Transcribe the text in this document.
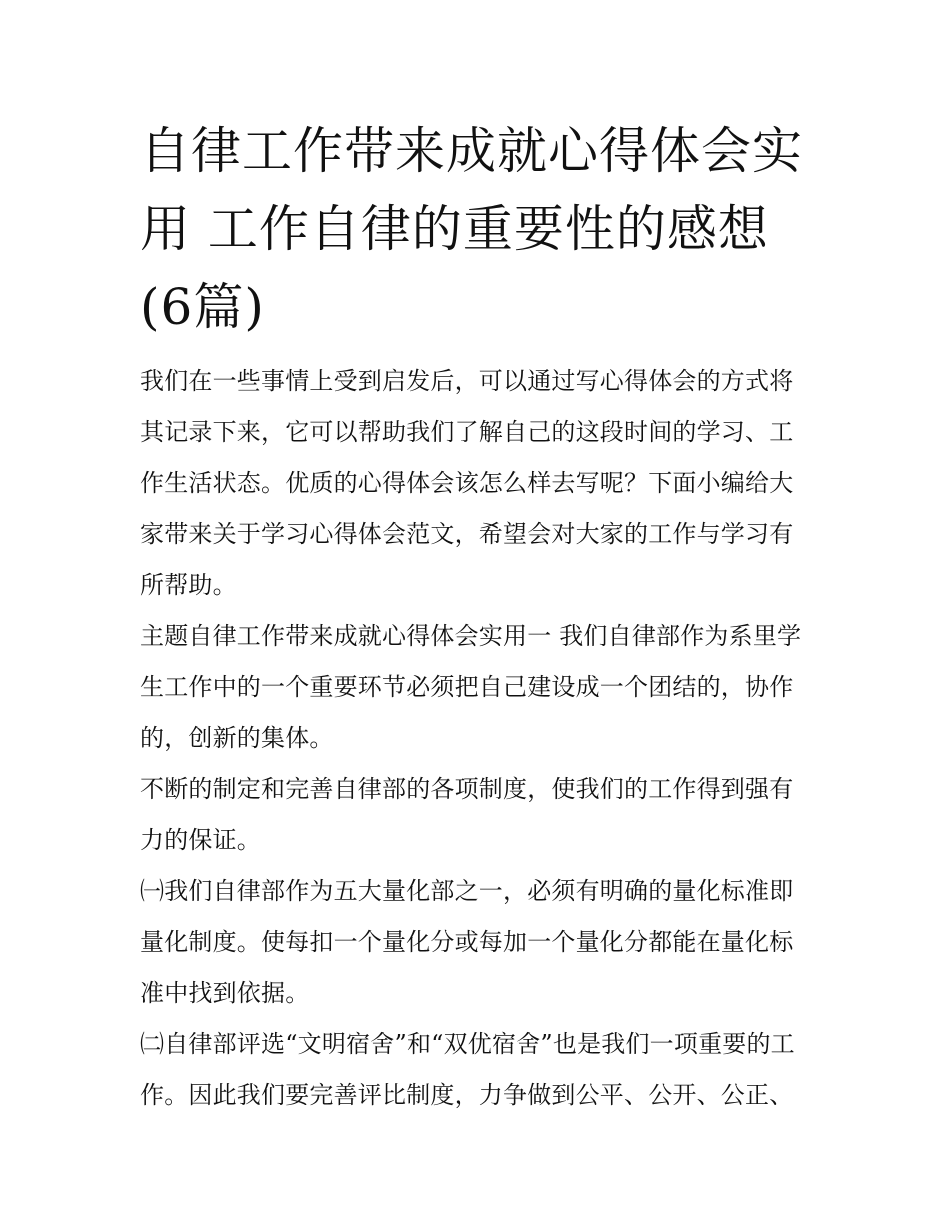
自律工作带来成就心得体会实用 工作自律的重要性的感想(6篇)

我们在一些事情上受到启发后，可以通过写心得体会的方式将其记录下来，它可以帮助我们了解自己的这段时间的学习、工作生活状态。优质的心得体会该怎么样去写呢？下面小编给大家带来关于学习心得体会范文，希望会对大家的工作与学习有所帮助。

主题自律工作带来成就心得体会实用一 我们自律部作为系里学生工作中的一个重要环节必须把自己建设成一个团结的，协作的，创新的集体。

不断的制定和完善自律部的各项制度，使我们的工作得到强有力的保证。

㈠我们自律部作为五大量化部之一，必须有明确的量化标准即量化制度。使每扣一个量化分或每加一个量化分都能在量化标准中找到依据。

㈡自律部评选“文明宿舍”和“双优宿舍”也是我们一项重要的工作。因此我们要完善评比制度，力争做到公平、公开、公正、
